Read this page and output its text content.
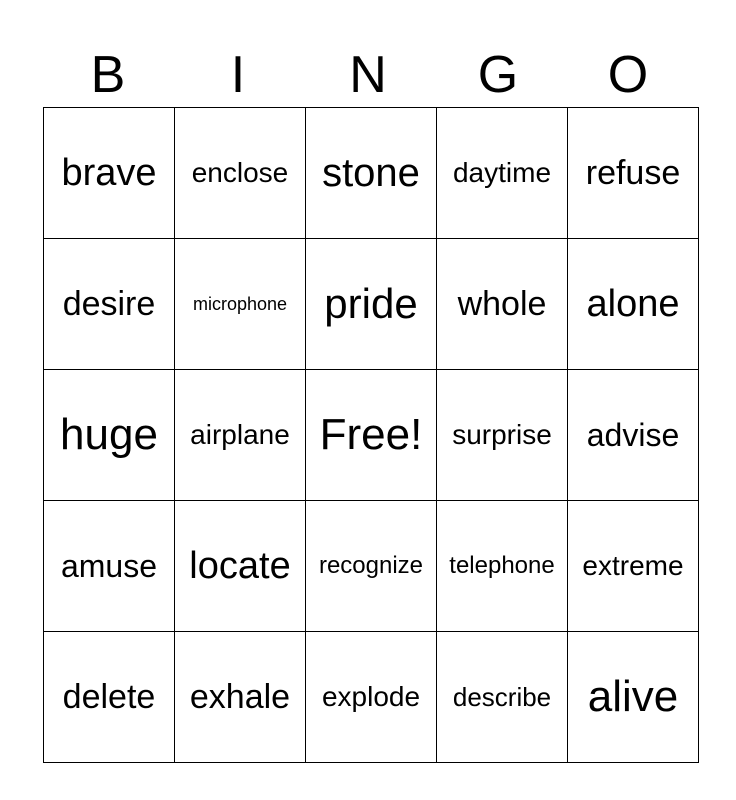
B	I	N	G	O
brave	enclose	stone	daytime	refuse
desire	microphone	pride	whole	alone
huge	airplane	Free!	surprise	advise
amuse	locate	recognize	telephone	extreme
delete	exhale	explode	describe	alive
